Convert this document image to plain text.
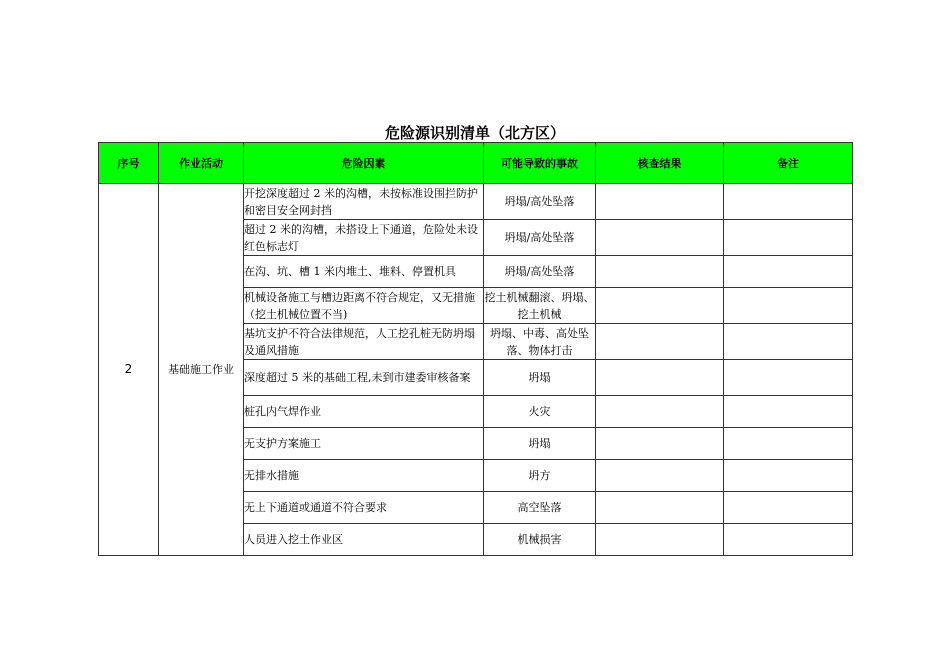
危险源识别清单（北方区）
序号	作业活动	危险因素	可能导致的事故	核查结果	备注
2	基础施工作业	开挖深度超过 2 米的沟槽，未按标准设围拦防护和密目安全网封挡	坍塌/高处坠落		
		超过 2 米的沟槽，未搭设上下通道，危险处未设红色标志灯	坍塌/高处坠落		
		在沟、坑、槽 1 米内堆土、堆料、停置机具	坍塌/高处坠落		
		机械设备施工与槽边距离不符合规定，又无措施（挖土机械位置不当)	挖土机械翻滚、坍塌、挖土机械		
		基坑支护不符合法律规范，人工挖孔桩无防坍塌及通风措施	坍塌、中毒、高处坠落、物体打击		
		深度超过 5 米的基础工程,未到市建委审核备案	坍塌		
		桩孔内气焊作业	火灾		
		无支护方案施工	坍塌		
		无排水措施	坍方		
		无上下通道或通道不符合要求	高空坠落		
		人员进入挖土作业区	机械损害		
